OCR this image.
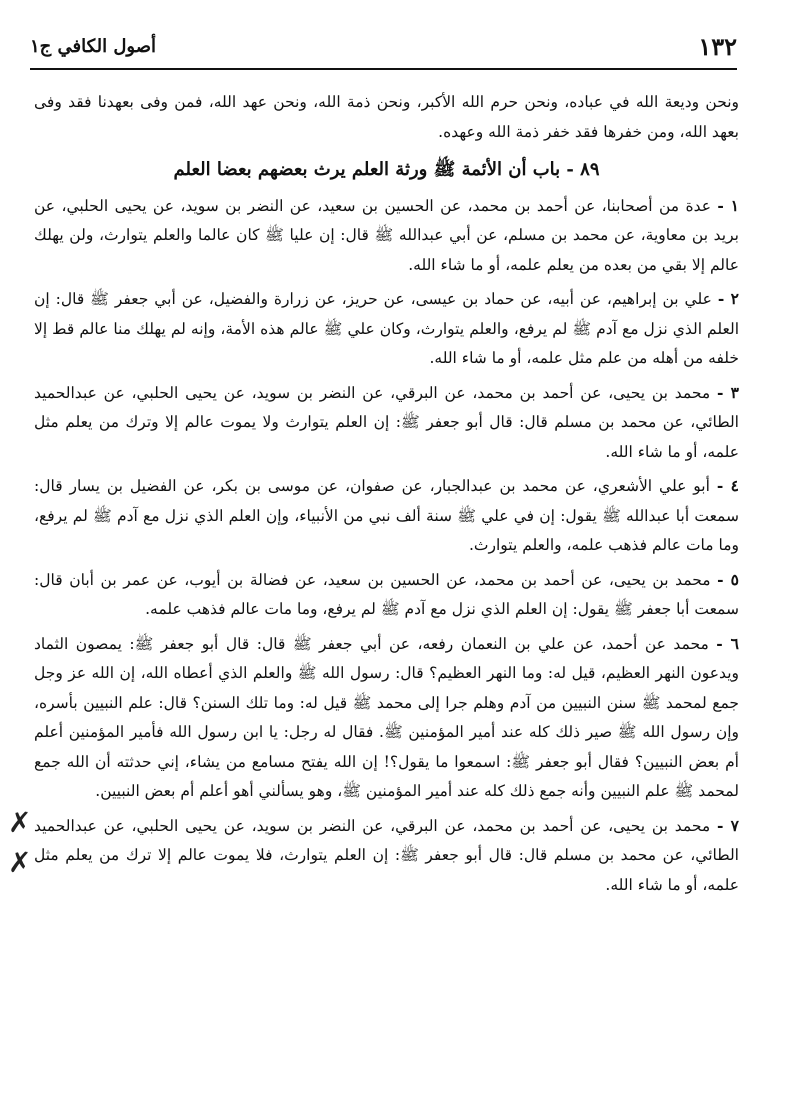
١٣٢
أصول الكافي ج١

ونحن وديعة الله في عباده، ونحن حرم الله الأكبر، ونحن ذمة الله، ونحن عهد الله، فمن وفى بعهدنا فقد وفى بعهد الله، ومن خفرها فقد خفر ذمة الله وعهده.

٨٩ - باب أن الأئمة ﷺ ورثة العلم يرث بعضهم بعضا العلم

١ - عدة من أصحابنا، عن أحمد بن محمد، عن الحسين بن سعيد، عن النضر بن سويد، عن يحيى الحلبي، عن بريد بن معاوية، عن محمد بن مسلم، عن أبي عبدالله ﷺ قال: إن عليا ﷺ كان عالما والعلم يتوارث، ولن يهلك عالم إلا بقي من بعده من يعلم علمه، أو ما شاء الله.

٢ - علي بن إبراهيم، عن أبيه، عن حماد بن عيسى، عن حريز، عن زرارة والفضيل، عن أبي جعفر ﷺ قال: إن العلم الذي نزل مع آدم ﷺ لم يرفع، والعلم يتوارث، وكان علي ﷺ عالم هذه الأمة، وإنه لم يهلك منا عالم قط إلا خلفه من أهله من علم مثل علمه، أو ما شاء الله.

٣ - محمد بن يحيى، عن أحمد بن محمد، عن البرقي، عن النضر بن سويد، عن يحيى الحلبي، عن عبدالحميد الطائي، عن محمد بن مسلم قال: قال أبو جعفر ﷺ: إن العلم يتوارث ولا يموت عالم إلا وترك من يعلم مثل علمه، أو ما شاء الله.

٤ - أبو علي الأشعري، عن محمد بن عبدالجبار، عن صفوان، عن موسى بن بكر، عن الفضيل بن يسار قال: سمعت أبا عبدالله ﷺ يقول: إن في علي ﷺ سنة ألف نبي من الأنبياء، وإن العلم الذي نزل مع آدم ﷺ لم يرفع، وما مات عالم فذهب علمه، والعلم يتوارث.

٥ - محمد بن يحيى، عن أحمد بن محمد، عن الحسين بن سعيد، عن فضالة بن أيوب، عن عمر بن أبان قال: سمعت أبا جعفر ﷺ يقول: إن العلم الذي نزل مع آدم ﷺ لم يرفع، وما مات عالم فذهب علمه.

٦ - محمد عن أحمد، عن علي بن النعمان رفعه، عن أبي جعفر ﷺ قال: قال أبو جعفر ﷺ: يمصون الثماد ويدعون النهر العظيم، قيل له: وما النهر العظيم؟ قال: رسول الله ﷺ والعلم الذي أعطاه الله، إن الله عز وجل جمع لمحمد ﷺ سنن النبيين من آدم وهلم جرا إلى محمد ﷺ قيل له: وما تلك السنن؟ قال: علم النبيين بأسره، وإن رسول الله ﷺ صير ذلك كله عند أمير المؤمنين ﷺ. فقال له رجل: يا ابن رسول الله فأمير المؤمنين أعلم أم بعض النبيين؟ فقال أبو جعفر ﷺ: اسمعوا ما يقول؟! إن الله يفتح مسامع من يشاء، إني حدثته أن الله جمع لمحمد ﷺ علم النبيين وأنه جمع ذلك كله عند أمير المؤمنين ﷺ، وهو يسألني أهو أعلم أم بعض النبيين.

٧ - محمد بن يحيى، عن أحمد بن محمد، عن البرقي، عن النضر بن سويد، عن يحيى الحلبي، عن عبدالحميد الطائي، عن محمد بن مسلم قال: قال أبو جعفر ﷺ: إن العلم يتوارث، فلا يموت عالم إلا ترك من يعلم مثل علمه، أو ما شاء الله.

✗
✗
